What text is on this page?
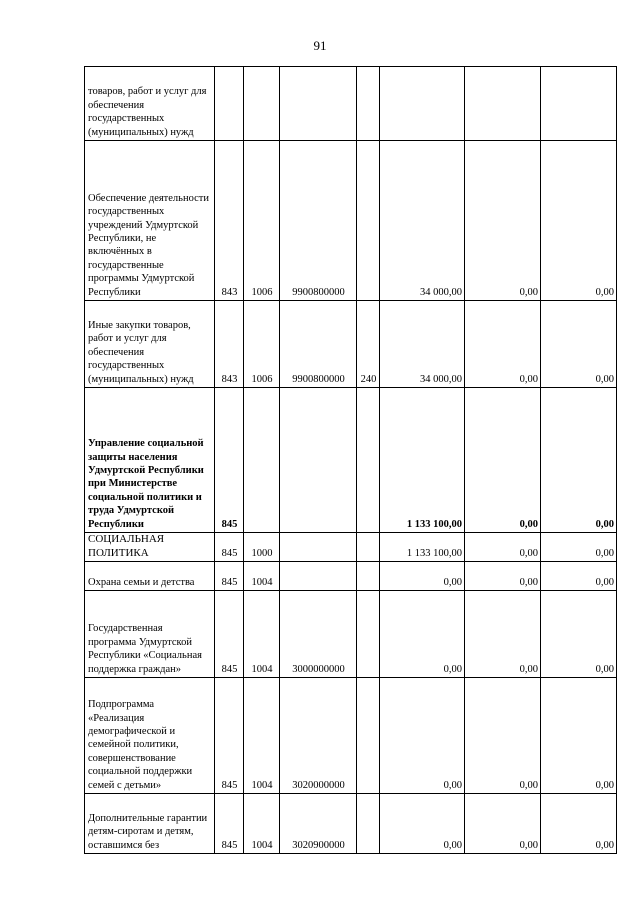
91
товаров, работ и услуг для обеспечения государственных (муниципальных) нужд							
Обеспечение деятельности государственных учреждений Удмуртской Республики, не включённых в государственные программы Удмуртской Республики	843	1006	9900800000		34 000,00	0,00	0,00
Иные закупки товаров, работ и услуг для обеспечения государственных (муниципальных) нужд	843	1006	9900800000	240	34 000,00	0,00	0,00
Управление социальной защиты населения Удмуртской Республики при Министерстве социальной политики и труда Удмуртской Республики	845				1 133 100,00	0,00	0,00
СОЦИАЛЬНАЯ ПОЛИТИКА	845	1000			1 133 100,00	0,00	0,00
Охрана семьи и детства	845	1004			0,00	0,00	0,00
Государственная программа Удмуртской Республики «Социальная поддержка граждан»	845	1004	3000000000		0,00	0,00	0,00
Подпрограмма «Реализация демографической и семейной политики, совершенствование социальной поддержки семей с детьми»	845	1004	3020000000		0,00	0,00	0,00
Дополнительные гарантии детям-сиротам и детям, оставшимся без	845	1004	3020900000		0,00	0,00	0,00
